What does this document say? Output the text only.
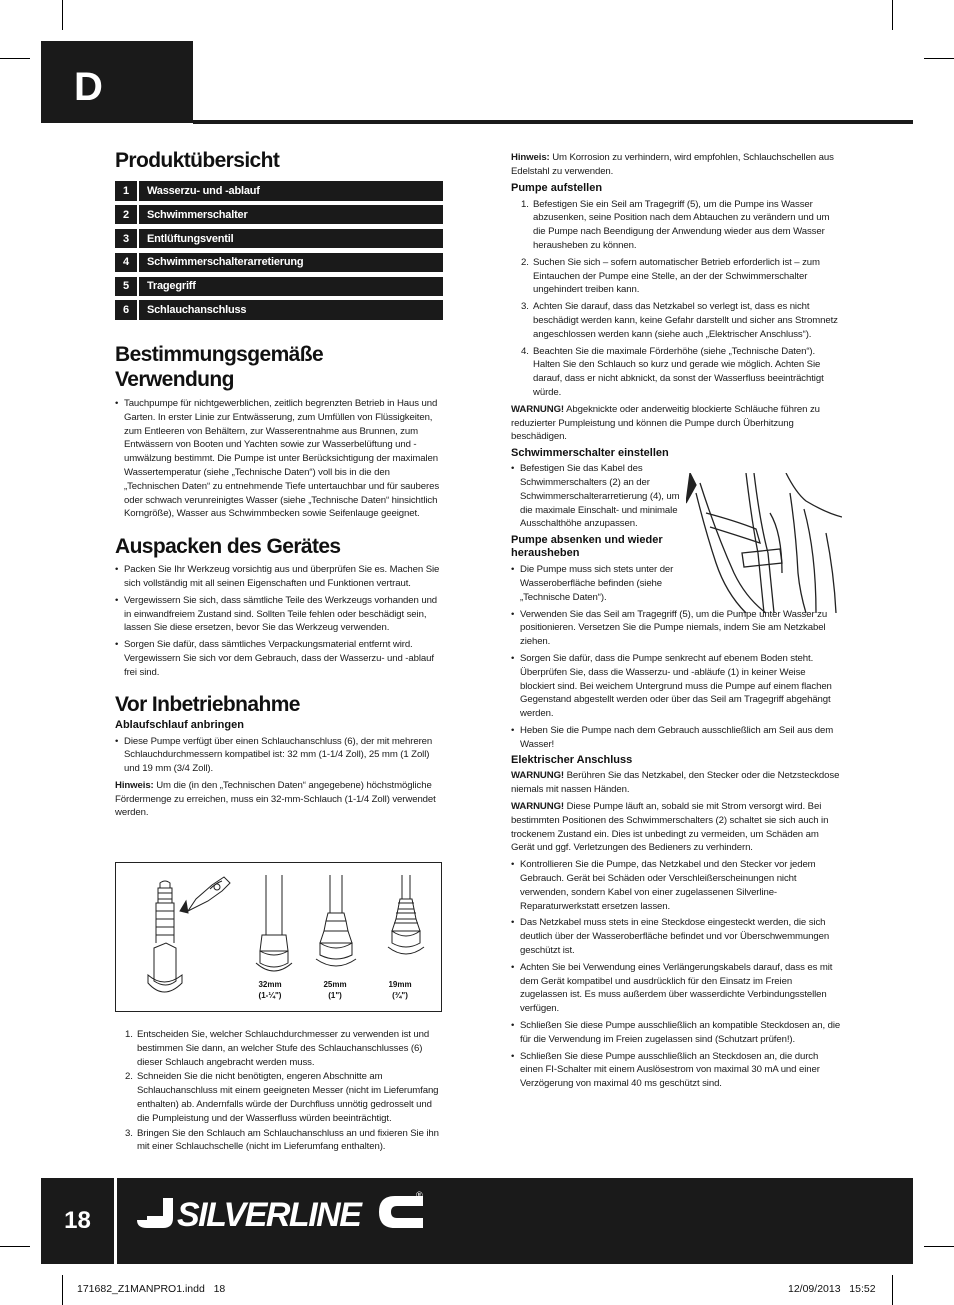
D
Produktübersicht
1	Wasserzu- und -ablauf
2	Schwimmerschalter
3	Entlüftungsventil
4	Schwimmerschalterarretierung
5	Tragegriff
6	Schlauchanschluss
Bestimmungsgemäße
Verwendung
• Tauchpumpe für nichtgewerblichen, zeitlich begrenzten Betrieb in Haus und Garten. In erster Linie zur Entwässerung, zum Umfüllen von Flüssigkeiten, zum Entleeren von Behältern, zur Wasserentnahme aus Brunnen, zum Entwässern von Booten und Yachten sowie zur Wasserbelüftung und -umwälzung bestimmt. Die Pumpe ist unter Berücksichtigung der maximalen Wassertemperatur (siehe „Technische Daten“) voll bis in die den „Technischen Daten“ zu entnehmende Tiefe untertauchbar und für sauberes oder schwach verunreinigtes Wasser (siehe „Technische Daten“ hinsichtlich Korngröße), Wasser aus Schwimmbecken sowie Seifenlauge geeignet.
Auspacken des Gerätes
• Packen Sie Ihr Werkzeug vorsichtig aus und überprüfen Sie es. Machen Sie sich vollständig mit all seinen Eigenschaften und Funktionen vertraut.
• Vergewissern Sie sich, dass sämtliche Teile des Werkzeugs vorhanden und in einwandfreiem Zustand sind. Sollten Teile fehlen oder beschädigt sein, lassen Sie diese ersetzen, bevor Sie das Werkzeug verwenden.
• Sorgen Sie dafür, dass sämtliches Verpackungsmaterial entfernt wird. Vergewissern Sie sich vor dem Gebrauch, dass der Wasserzu- und -ablauf frei sind.
Vor Inbetriebnahme
Ablaufschlauf anbringen
• Diese Pumpe verfügt über einen Schlauchanschluss (6), der mit mehreren Schlauchdurchmessern kompatibel ist: 32 mm (1-1/4 Zoll), 25 mm (1 Zoll) und 19 mm (3/4 Zoll).

Hinweis: Um die (in den „Technischen Daten“ angegebene) höchstmögliche Fördermenge zu erreichen, muss ein 32-mm-Schlauch (1-1/4 Zoll) verwendet werden.

32mm
(1-¼")
25mm
(1")
19mm
(¾")
1. Entscheiden Sie, welcher Schlauchdurchmesser zu verwenden ist und bestimmen Sie dann, an welcher Stufe des Schlauchanschlusses (6) dieser Schlauch angebracht werden muss.
2. Schneiden Sie die nicht benötigten, engeren Abschnitte am Schlauchanschluss mit einem geeigneten Messer (nicht im Lieferumfang enthalten) ab. Andernfalls würde der Durchfluss unnötig gedrosselt und die Pumpleistung und der Wasserfluss würden beeinträchtigt.
3. Bringen Sie den Schlauch am Schlauchanschluss an und fixieren Sie ihn mit einer Schlauchschelle (nicht im Lieferumfang enthalten).

Hinweis: Um Korrosion zu verhindern, wird empfohlen, Schlauchschellen aus Edelstahl zu verwenden.

Pumpe aufstellen
1. Befestigen Sie ein Seil am Tragegriff (5), um die Pumpe ins Wasser abzusenken, seine Position nach dem Abtauchen zu verändern und um die Pumpe nach Beendigung der Anwendung wieder aus dem Wasser herausheben zu können.
2. Suchen Sie sich – sofern automatischer Betrieb erforderlich ist – zum Eintauchen der Pumpe eine Stelle, an der der Schwimmerschalter ungehindert treiben kann.
3. Achten Sie darauf, dass das Netzkabel so verlegt ist, dass es nicht beschädigt werden kann, keine Gefahr darstellt und sicher ans Stromnetz angeschlossen werden kann (siehe auch „Elektrischer Anschluss“).
4. Beachten Sie die maximale Förderhöhe (siehe „Technische Daten“). Halten Sie den Schlauch so kurz und gerade wie möglich. Achten Sie darauf, dass er nicht abknickt, da sonst der Wasserfluss beeinträchtigt würde.

WARNUNG! Abgeknickte oder anderweitig blockierte Schläuche führen zu reduzierter Pumpleistung und können die Pumpe durch Überhitzung beschädigen.

Schwimmerschalter einstellen
• Befestigen Sie das Kabel des Schwimmerschalters (2) an der Schwimmerschalterarretierung (4), um die maximale Einschalt- und minimale Ausschalthöhe anzupassen.
Pumpe absenken und wieder
herausheben
• Die Pumpe muss sich stets unter der Wasseroberfläche befinden (siehe „Technische Daten“).
• Verwenden Sie das Seil am Tragegriff (5), um die Pumpe unter Wasser zu positionieren. Versetzen Sie die Pumpe niemals, indem Sie am Netzkabel ziehen.
• Sorgen Sie dafür, dass die Pumpe senkrecht auf ebenem Boden steht. Überprüfen Sie, dass die Wasserzu- und -abläufe (1) in keiner Weise blockiert sind. Bei weichem Untergrund muss die Pumpe auf einem flachen Gegenstand abgestellt werden oder über das Seil am Tragegriff abgehängt werden.
• Heben Sie die Pumpe nach dem Gebrauch ausschließlich am Seil aus dem Wasser!
Elektrischer Anschluss

WARNUNG! Berühren Sie das Netzkabel, den Stecker oder die Netzsteckdose niemals mit nassen Händen.

WARNUNG! Diese Pumpe läuft an, sobald sie mit Strom versorgt wird. Bei bestimmten Positionen des Schwimmerschalters (2) schaltet sie sich auch in trockenem Zustand ein. Dies ist unbedingt zu vermeiden, um Schäden am Gerät und ggf. Verletzungen des Bedieners zu verhindern.

• Kontrollieren Sie die Pumpe, das Netzkabel und den Stecker vor jedem Gebrauch. Gerät bei Schäden oder Verschleißerscheinungen nicht verwenden, sondern Kabel von einer zugelassenen Silverline-Reparaturwerkstatt ersetzen lassen.
• Das Netzkabel muss stets in eine Steckdose eingesteckt werden, die sich deutlich über der Wasseroberfläche befindet und vor Überschwemmungen geschützt ist.
• Achten Sie bei Verwendung eines Verlängerungskabels darauf, dass es mit dem Gerät kompatibel und ausdrücklich für den Einsatz im Freien zugelassen ist. Es muss außerdem über wasserdichte Verbindungsstellen verfügen.
• Schließen Sie diese Pumpe ausschließlich an kompatible Steckdosen an, die für die Verwendung im Freien zugelassen sind (Schutzart prüfen!).
• Schließen Sie diese Pumpe ausschließlich an Steckdosen an, die durch einen FI-Schalter mit einem Auslösestrom von maximal 30 mA und einer Verzögerung von maximal 40 ms geschützt sind.
18	SILVERLINE
®
171682_Z1MANPRO1.indd   18	12/09/2013   15:52
